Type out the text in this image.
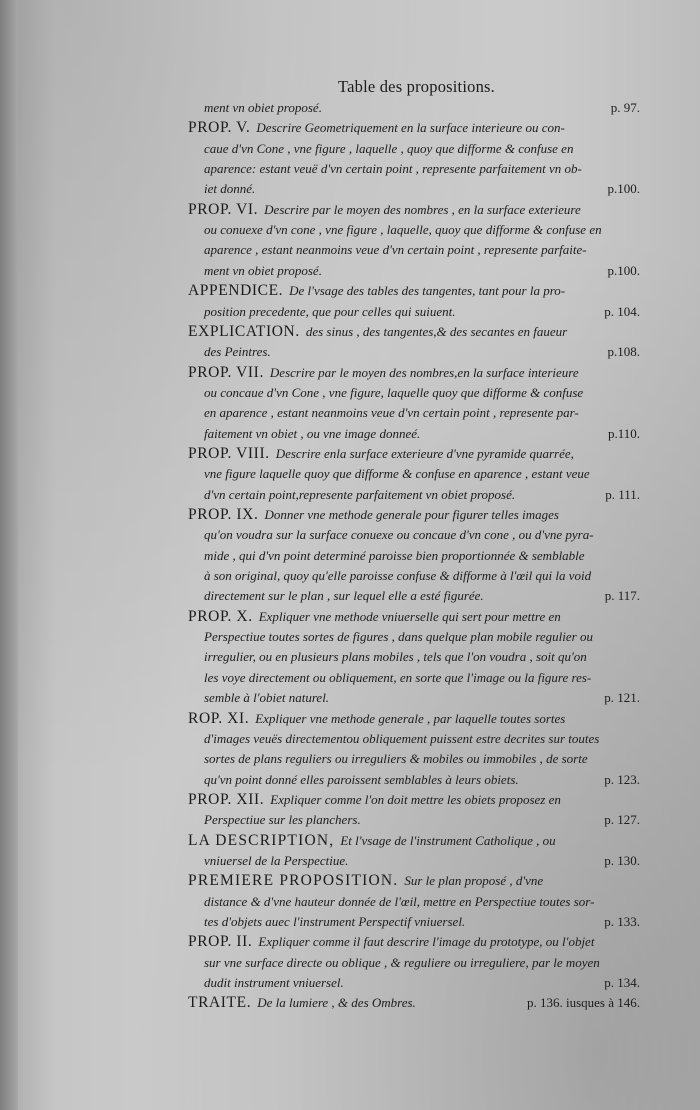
Table des propositions.
ment vn obiet proposé.	p. 97.
PROP. V. Descrire Geometriquement en la surface interieure ou con-
caue d'vn Cone , vne figure , laquelle , quoy que difforme & confuse en
aparence: estant veuë d'vn certain point , represente parfaitement vn ob-
iet donné.	p.100.
PROP. VI. Descrire par le moyen des nombres , en la surface exterieure
ou conuexe d'vn cone , vne figure , laquelle, quoy que difforme & confuse en
aparence , estant neanmoins veue d'vn certain point , represente parfaite-
ment vn obiet proposé.	p.100.
APPENDICE. De l'vsage des tables des tangentes, tant pour la pro-
position precedente, que pour celles qui suiuent.	p. 104.
EXPLICATION. des sinus , des tangentes,& des secantes en faueur
des Peintres.	p.108.
PROP. VII. Descrire par le moyen des nombres,en la surface interieure
ou concaue d'vn Cone , vne figure, laquelle quoy que difforme & confuse
en aparence , estant neanmoins veue d'vn certain point , represente par-
faitement vn obiet , ou vne image donneé.	p.110.
PROP. VIII. Descrire enla surface exterieure d'vne pyramide quarrée,
vne figure laquelle quoy que difforme & confuse en aparence , estant veue
d'vn certain point,represente parfaitement vn obiet proposé.	p. 111.
PROP. IX. Donner vne methode generale pour figurer telles images
qu'on voudra sur la surface conuexe ou concaue d'vn cone , ou d'vne pyra-
mide , qui d'vn point determiné paroisse bien proportionnée & semblable
à son original, quoy qu'elle paroisse confuse & difforme à l'œil qui la void
directement sur le plan , sur lequel elle a esté figurée.	p. 117.
PROP. X. Expliquer vne methode vniuerselle qui sert pour mettre en
Perspectiue toutes sortes de figures , dans quelque plan mobile regulier ou
irregulier, ou en plusieurs plans mobiles , tels que l'on voudra , soit qu'on
les voye directement ou obliquement, en sorte que l'image ou la figure res-
semble à l'obiet naturel.	p. 121.
ROP. XI. Expliquer vne methode generale , par laquelle toutes sortes
d'images veuës directementou obliquement puissent estre decrites sur toutes
sortes de plans reguliers ou irreguliers & mobiles ou immobiles , de sorte
qu'vn point donné elles paroissent semblables à leurs obiets.	p. 123.
PROP. XII. Expliquer comme l'on doit mettre les obiets proposez en
Perspectiue sur les planchers.	p. 127.
LA DESCRIPTION, Et l'vsage de l'instrument Catholique , ou
vniuersel de la Perspectiue.	p. 130.
PREMIERE PROPOSITION. Sur le plan proposé , d'vne
distance & d'vne hauteur donnée de l'œil, mettre en Perspectiue toutes sor-
tes d'objets auec l'instrument Perspectif vniuersel.	p. 133.
PROP. II. Expliquer comme il faut descrire l'image du prototype, ou l'objet
sur vne surface directe ou oblique , & reguliere ou irreguliere, par le moyen
dudit instrument vniuersel.	p. 134.
TRAITE. De la lumiere , & des Ombres.	p. 136. iusques à 146.
